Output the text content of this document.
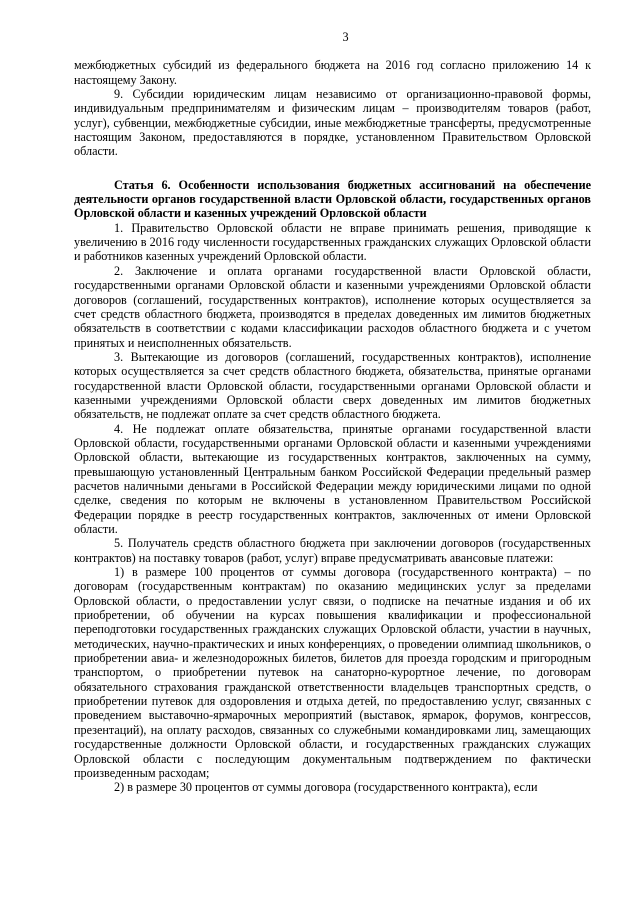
3

межбюджетных субсидий из федерального бюджета на 2016 год согласно приложению 14 к настоящему Закону.

9. Субсидии юридическим лицам независимо от организационно-правовой формы, индивидуальным предпринимателям и физическим лицам – производителям товаров (работ, услуг), субвенции, межбюджетные субсидии, иные межбюджетные трансферты, предусмотренные настоящим Законом, предоставляются в порядке, установленном Правительством Орловской области.

Статья 6. Особенности использования бюджетных ассигнований на обеспечение деятельности органов государственной власти Орловской области, государственных органов Орловской области и казенных учреждений Орловской области

1. Правительство Орловской области не вправе принимать решения, приводящие к увеличению в 2016 году численности государственных гражданских служащих Орловской области и работников казенных учреждений Орловской области.

2. Заключение и оплата органами государственной власти Орловской области, государственными органами Орловской области и казенными учреждениями Орловской области договоров (соглашений, государственных контрактов), исполнение которых осуществляется за счет средств областного бюджета, производятся в пределах доведенных им лимитов бюджетных обязательств в соответствии с кодами классификации расходов областного бюджета и с учетом принятых и неисполненных обязательств.

3. Вытекающие из договоров (соглашений, государственных контрактов), исполнение которых осуществляется за счет средств областного бюджета, обязательства, принятые органами государственной власти Орловской области, государственными органами Орловской области и казенными учреждениями Орловской области сверх доведенных им лимитов бюджетных обязательств, не подлежат оплате за счет средств областного бюджета.

4. Не подлежат оплате обязательства, принятые органами государственной власти Орловской области, государственными органами Орловской области и казенными учреждениями Орловской области, вытекающие из государственных контрактов, заключенных на сумму, превышающую установленный Центральным банком Российской Федерации предельный размер расчетов наличными деньгами в Российской Федерации между юридическими лицами по одной сделке, сведения по которым не включены в установленном Правительством Российской Федерации порядке в реестр государственных контрактов, заключенных от имени Орловской области.

5. Получатель средств областного бюджета при заключении договоров (государственных контрактов) на поставку товаров (работ, услуг) вправе предусматривать авансовые платежи:

1) в размере 100 процентов от суммы договора (государственного контракта) – по договорам (государственным контрактам) по оказанию медицинских услуг за пределами Орловской области, о предоставлении услуг связи, о подписке на печатные издания и об их приобретении, об обучении на курсах повышения квалификации и профессиональной переподготовки государственных гражданских служащих Орловской области, участии в научных, методических, научно-практических и иных конференциях, о проведении олимпиад школьников, о приобретении авиа- и железнодорожных билетов, билетов для проезда городским и пригородным транспортом, о приобретении путевок на санаторно-курортное лечение, по договорам обязательного страхования гражданской ответственности владельцев транспортных средств, о приобретении путевок для оздоровления и отдыха детей, по предоставлению услуг, связанных с проведением выставочно-ярмарочных мероприятий (выставок, ярмарок, форумов, конгрессов, презентаций), на оплату расходов, связанных со служебными командировками лиц, замещающих государственные должности Орловской области, и государственных гражданских служащих Орловской области с последующим документальным подтверждением по фактически произведенным расходам;

2) в размере 30 процентов от суммы договора (государственного контракта), если
